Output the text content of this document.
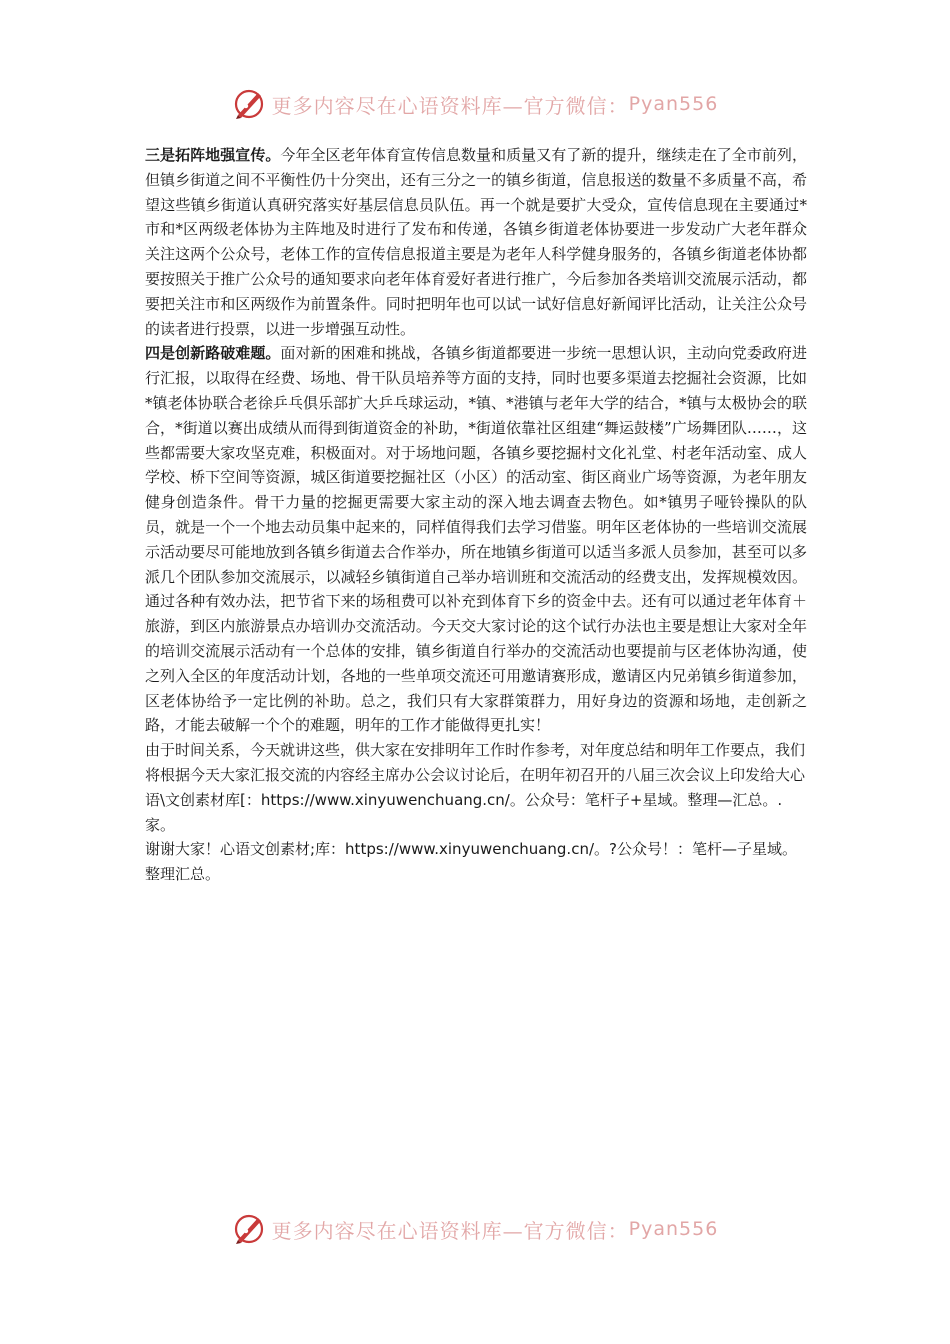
更多内容尽在心语资料库—官方微信： Pyan556

三是拓阵地强宣传。今年全区老年体育宣传信息数量和质量又有了新的提升，继续走在了全市前列，但镇乡街道之间不平衡性仍十分突出，还有三分之一的镇乡街道，信息报送的数量不多质量不高，希望这些镇乡街道认真研究落实好基层信息员队伍。再一个就是要扩大受众，宣传信息现在主要通过*市和*区两级老体协为主阵地及时进行了发布和传递，各镇乡街道老体协要进一步发动广大老年群众关注这两个公众号，老体工作的宣传信息报道主要是为老年人科学健身服务的，各镇乡街道老体协都要按照关于推广公众号的通知要求向老年体育爱好者进行推广，今后参加各类培训交流展示活动，都要把关注市和区两级作为前置条件。同时把明年也可以试一试好信息好新闻评比活动，让关注公众号的读者进行投票，以进一步增强互动性。

四是创新路破难题。面对新的困难和挑战，各镇乡街道都要进一步统一思想认识，主动向党委政府进行汇报，以取得在经费、场地、骨干队员培养等方面的支持，同时也要多渠道去挖掘社会资源，比如*镇老体协联合老徐乒乓俱乐部扩大乒乓球运动，*镇、*港镇与老年大学的结合，*镇与太极协会的联合，*街道以赛出成绩从而得到街道资金的补助，*街道依靠社区组建“舞运鼓楼”广场舞团队……，这些都需要大家攻坚克难，积极面对。对于场地问题，各镇乡要挖掘村文化礼堂、村老年活动室、成人学校、桥下空间等资源，城区街道要挖掘社区（小区）的活动室、街区商业广场等资源，为老年朋友健身创造条件。骨干力量的挖掘更需要大家主动的深入地去调查去物色。如*镇男子哑铃操队的队员，就是一个一个地去动员集中起来的，同样值得我们去学习借鉴。明年区老体协的一些培训交流展示活动要尽可能地放到各镇乡街道去合作举办，所在地镇乡街道可以适当多派人员参加，甚至可以多派几个团队参加交流展示，以减轻乡镇街道自己举办培训班和交流活动的经费支出，发挥规模效因。通过各种有效办法，把节省下来的场租费可以补充到体育下乡的资金中去。还有可以通过老年体育＋旅游，到区内旅游景点办培训办交流活动。今天交大家讨论的这个试行办法也主要是想让大家对全年的培训交流展示活动有一个总体的安排，镇乡街道自行举办的交流活动也要提前与区老体协沟通，使之列入全区的年度活动计划，各地的一些单项交流还可用邀请赛形成，邀请区内兄弟镇乡街道参加，区老体协给予一定比例的补助。总之，我们只有大家群策群力，用好身边的资源和场地，走创新之路，才能去破解一个个的难题，明年的工作才能做得更扎实！

由于时间关系，今天就讲这些，供大家在安排明年工作时作参考，对年度总结和明年工作要点，我们将根据今天大家汇报交流的内容经主席办公会议讨论后，在明年初召开的八届三次会议上印发给大心语\文创素材库[：https://www.xinyuwenchuang.cn/。公众号：笔杆子+星域。整理—汇总。.家。

谢谢大家！心语文创素材;库：https://www.xinyuwenchuang.cn/。?公众号！：笔杆—子星域。整理汇总。

更多内容尽在心语资料库—官方微信： Pyan556
